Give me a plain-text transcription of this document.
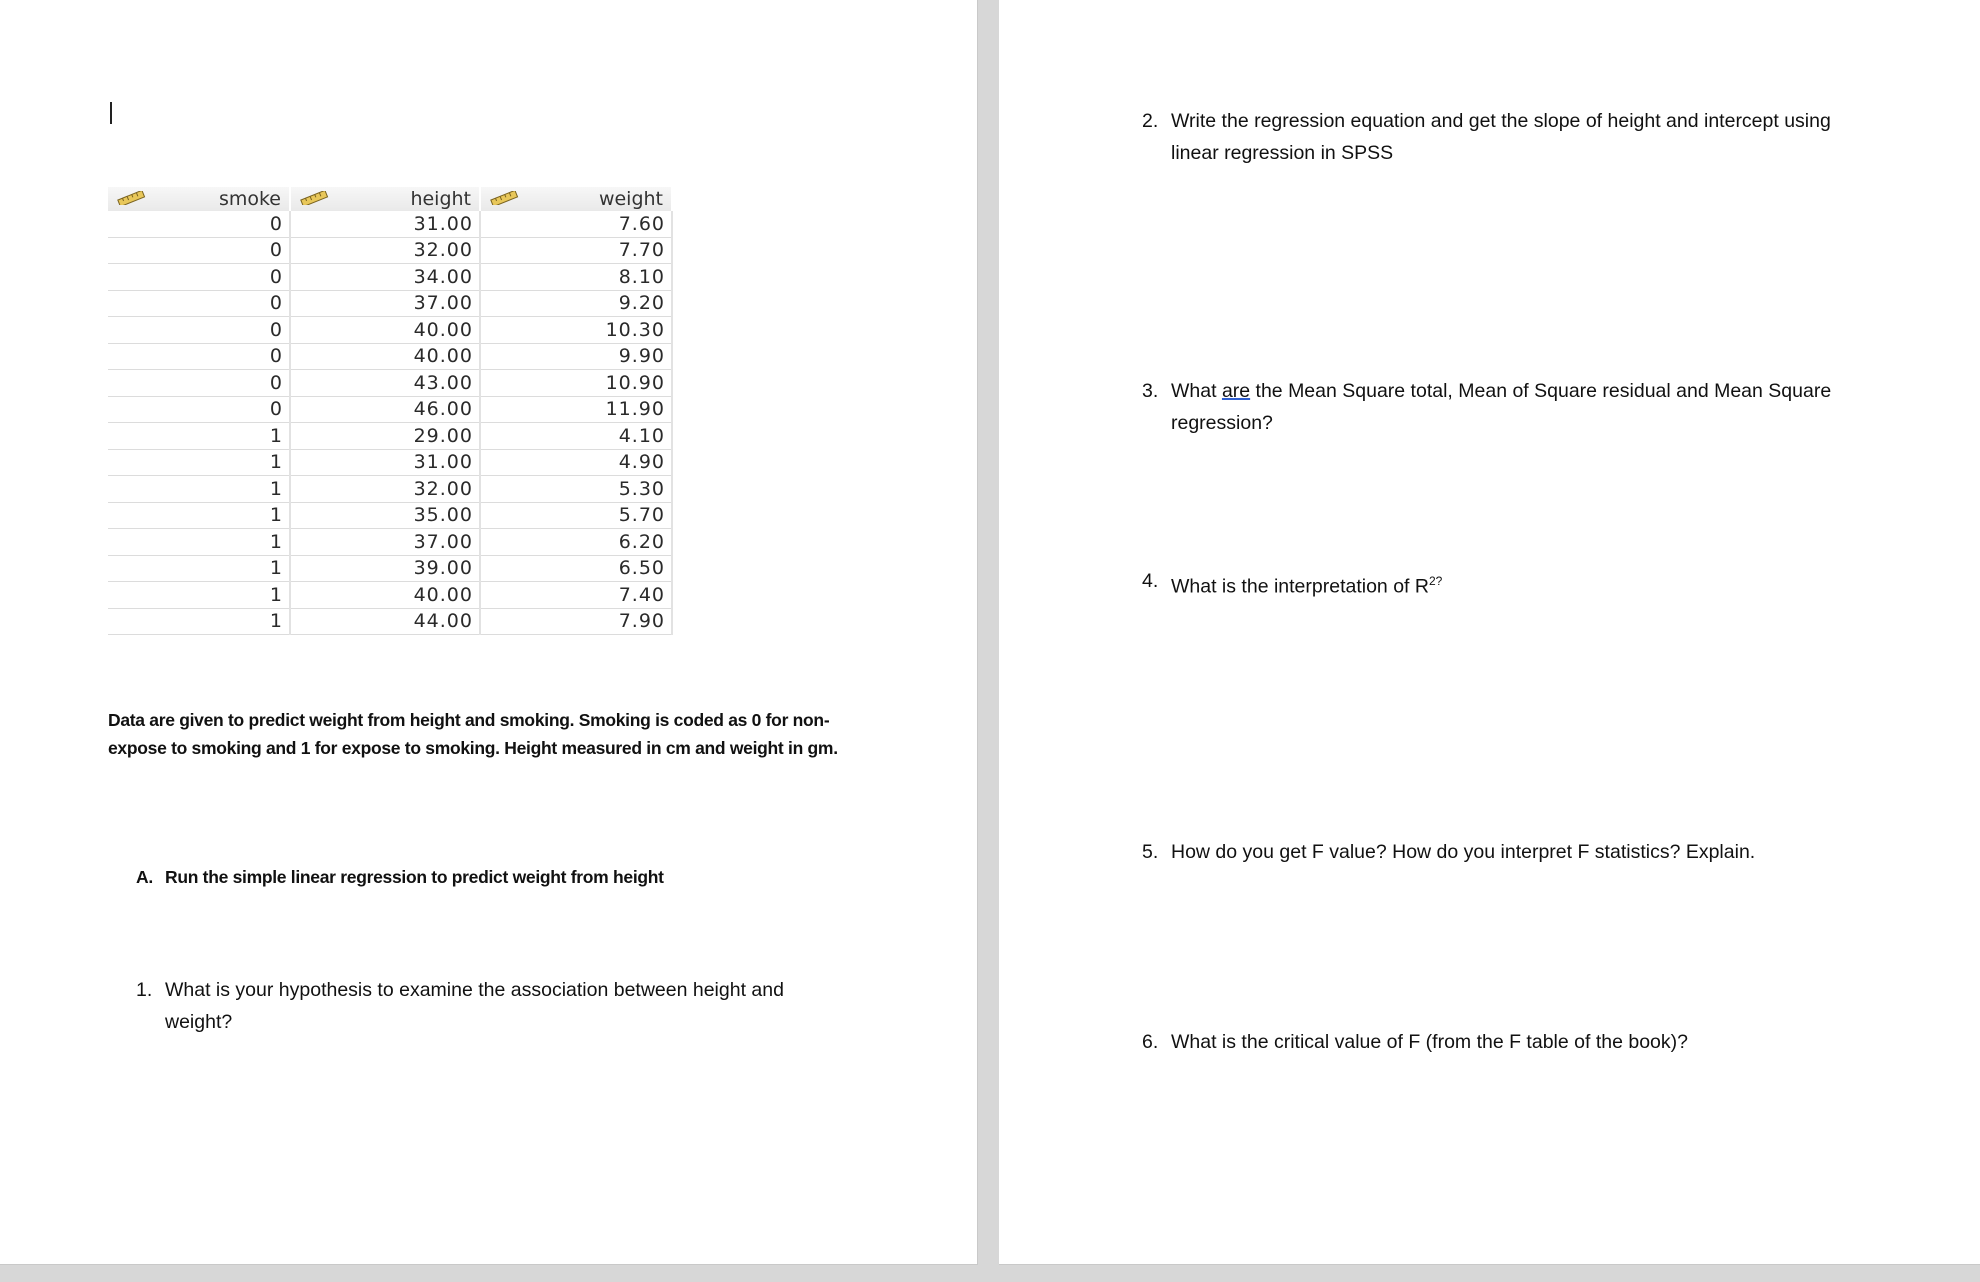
smoke	height	weight

0	31.00	7.60
0	32.00	7.70
0	34.00	8.10
0	37.00	9.20
0	40.00	10.30
0	40.00	9.90
0	43.00	10.90
0	46.00	11.90
1	29.00	4.10
1	31.00	4.90
1	32.00	5.30
1	35.00	5.70
1	37.00	6.20
1	39.00	6.50
1	40.00	7.40
1	44.00	7.90
Data are given to predict weight from height and smoking. Smoking is coded as 0 for non-expose to smoking and 1 for expose to smoking. Height measured in cm and weight in gm.
A. Run the simple linear regression to predict weight from height
1. What is your hypothesis to examine the association between height and weight?
2. Write the regression equation and get the slope of height and intercept using linear regression in SPSS
3. What are the Mean Square total, Mean of Square residual and Mean Square regression?
4. What is the interpretation of $R^{2?}$
5. How do you get F value? How do you interpret F statistics? Explain.
6. What is the critical value of F (from the F table of the book)?
